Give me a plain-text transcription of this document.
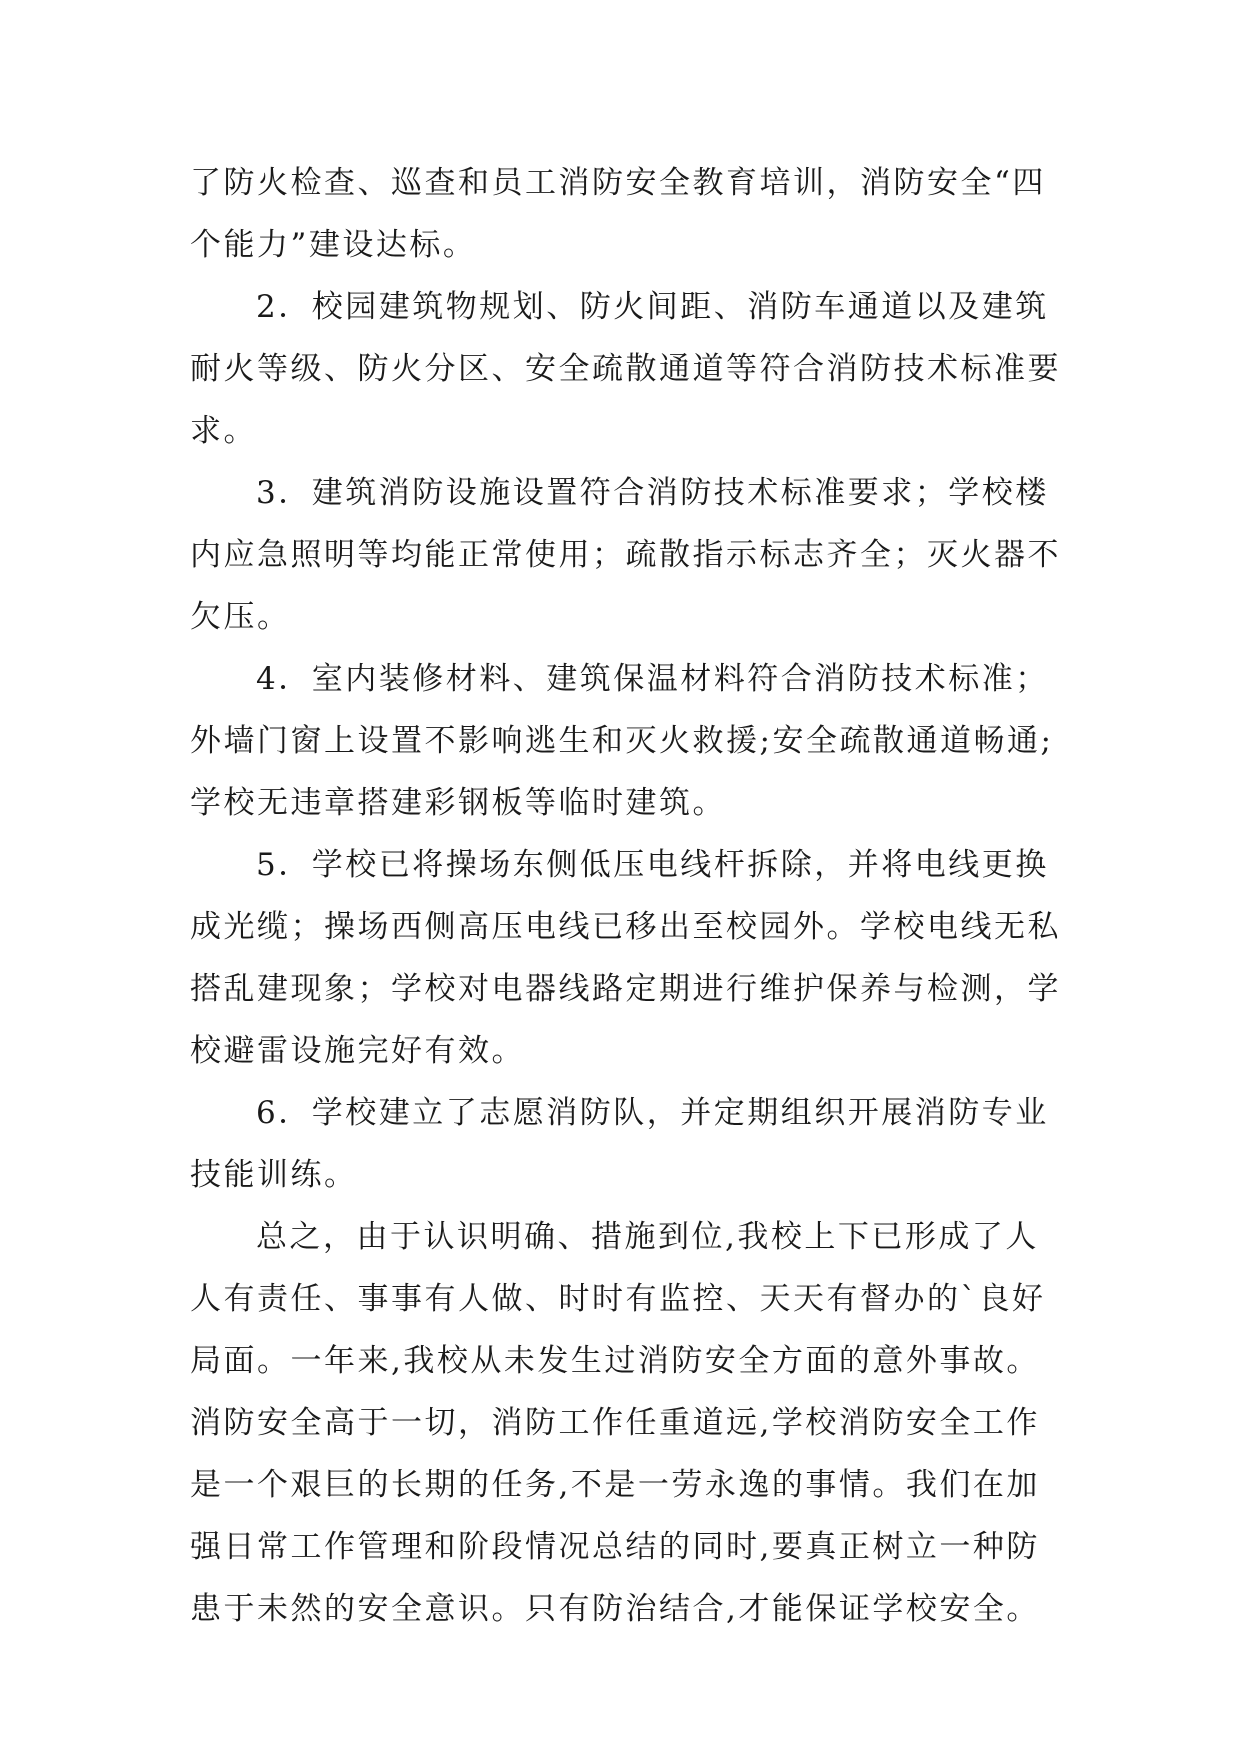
了防火检查、巡查和员工消防安全教育培训，消防安全“四
个能力”建设达标。
2．校园建筑物规划、防火间距、消防车通道以及建筑
耐火等级、防火分区、安全疏散通道等符合消防技术标准要
求。
3．建筑消防设施设置符合消防技术标准要求；学校楼
内应急照明等均能正常使用；疏散指示标志齐全；灭火器不
欠压。
4．室内装修材料、建筑保温材料符合消防技术标准；
外墙门窗上设置不影响逃生和灭火救援;安全疏散通道畅通;
学校无违章搭建彩钢板等临时建筑。
5．学校已将操场东侧低压电线杆拆除，并将电线更换
成光缆；操场西侧高压电线已移出至校园外。学校电线无私
搭乱建现象；学校对电器线路定期进行维护保养与检测，学
校避雷设施完好有效。
6．学校建立了志愿消防队，并定期组织开展消防专业
技能训练。
总之，由于认识明确、措施到位,我校上下已形成了人
人有责任、事事有人做、时时有监控、天天有督办的`良好
局面。一年来,我校从未发生过消防安全方面的意外事故。
消防安全高于一切，消防工作任重道远,学校消防安全工作
是一个艰巨的长期的任务,不是一劳永逸的事情。我们在加
强日常工作管理和阶段情况总结的同时,要真正树立一种防
患于未然的安全意识。只有防治结合,才能保证学校安全。
